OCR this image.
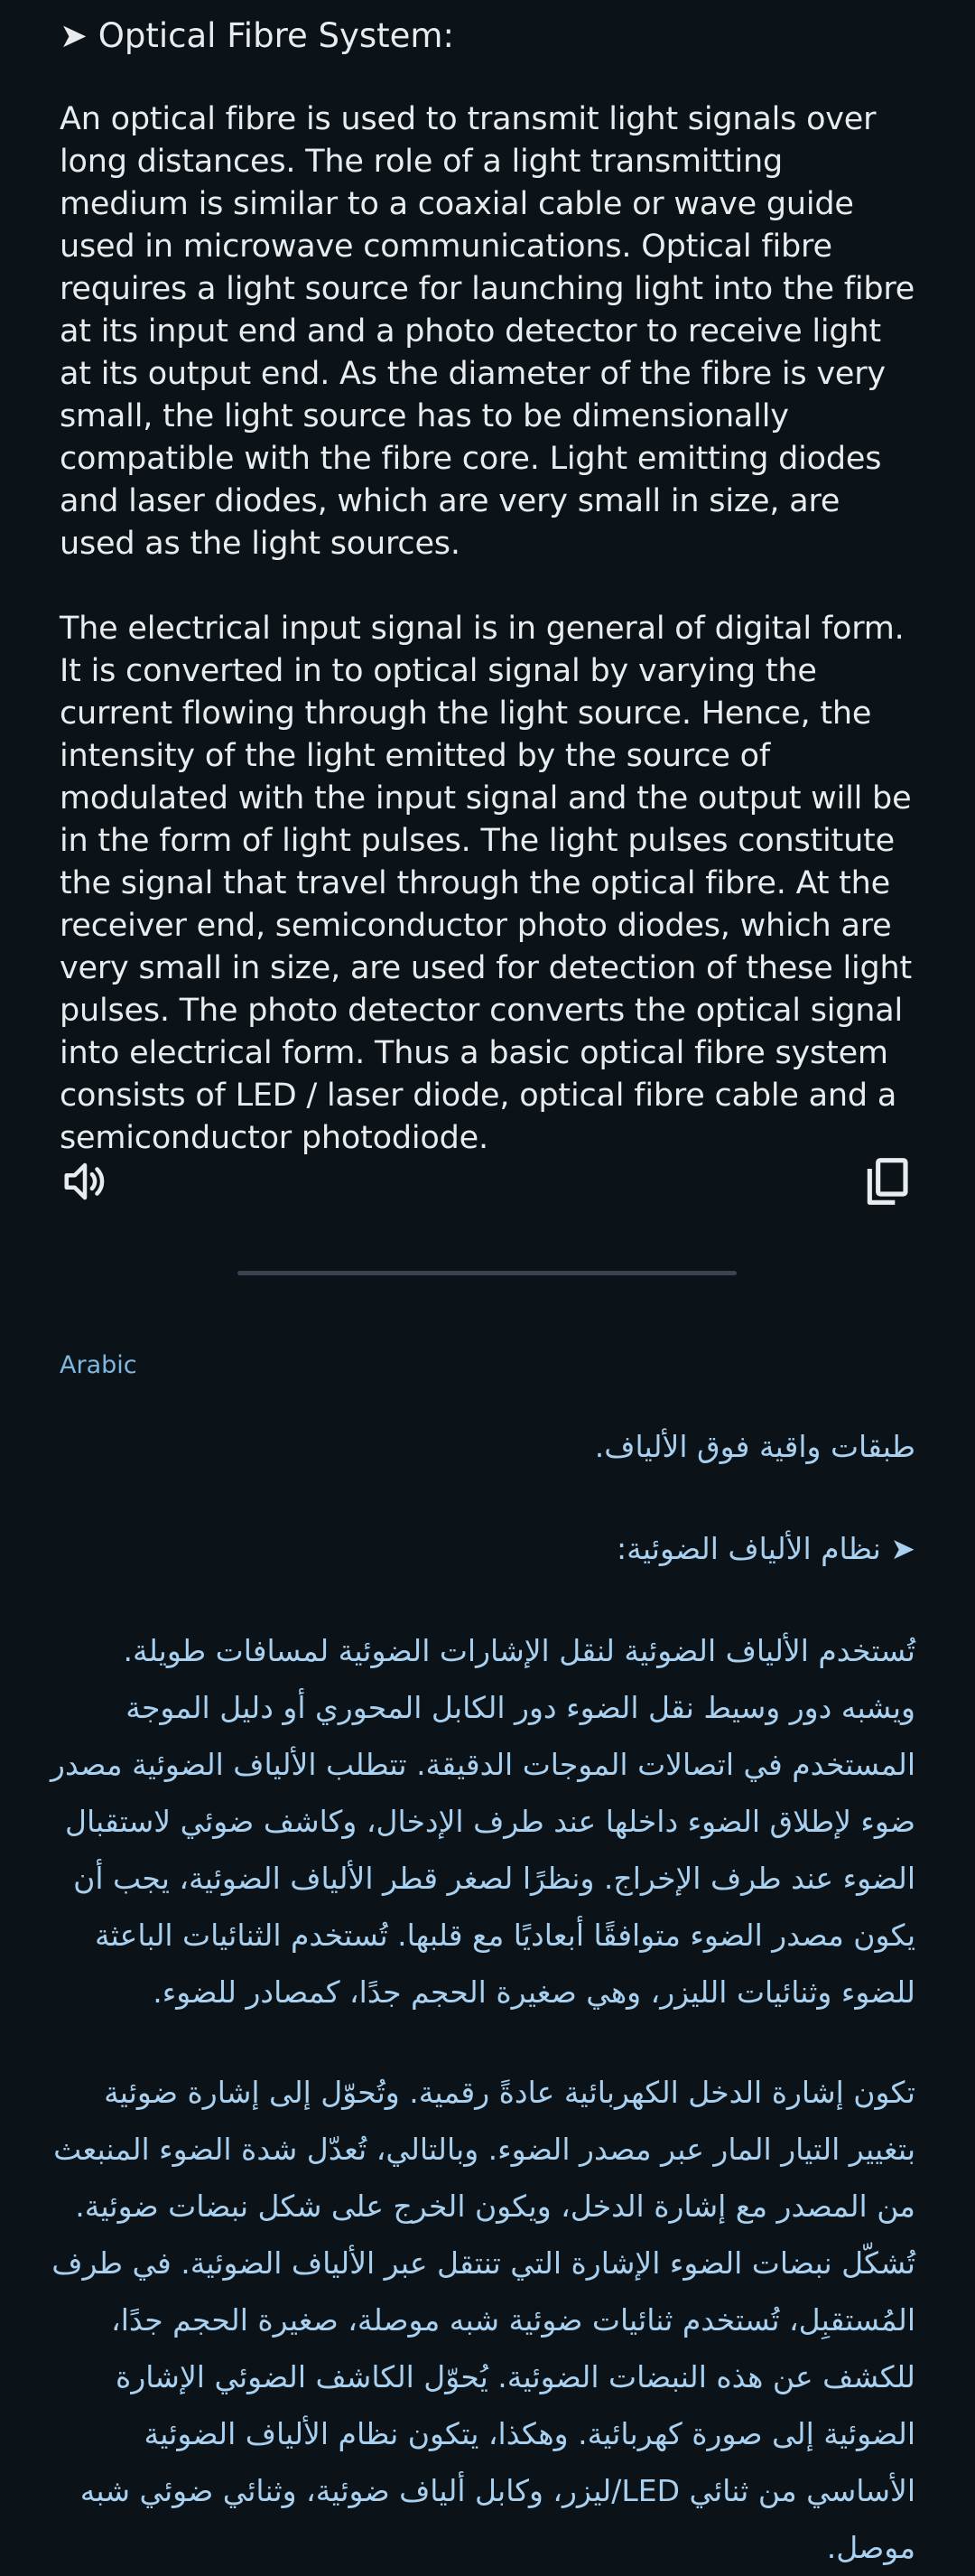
➤ Optical Fibre System:

An optical fibre is used to transmit light signals over long distances. The role of a light transmitting medium is similar to a coaxial cable or wave guide used in microwave communications. Optical fibre requires a light source for launching light into the fibre at its input end and a photo detector to receive light at its output end. As the diameter of the fibre is very small, the light source has to be dimensionally compatible with the fibre core. Light emitting diodes and laser diodes, which are very small in size, are used as the light sources.

The electrical input signal is in general of digital form. It is converted in to optical signal by varying the current flowing through the light source. Hence, the intensity of the light emitted by the source of modulated with the input signal and the output will be in the form of light pulses. The light pulses constitute the signal that travel through the optical fibre. At the receiver end, semiconductor photo diodes, which are very small in size, are used for detection of these light pulses. The photo detector converts the optical signal into electrical form. Thus a basic optical fibre system consists of LED / laser diode, optical fibre cable and a semiconductor photodiode.

Arabic

طبقات واقية فوق الألياف.

➤ نظام الألياف الضوئية:

تُستخدم الألياف الضوئية لنقل الإشارات الضوئية لمسافات طويلة. ويشبه دور وسيط نقل الضوء دور الكابل المحوري أو دليل الموجة المستخدم في اتصالات الموجات الدقيقة. تتطلب الألياف الضوئية مصدر ضوء لإطلاق الضوء داخلها عند طرف الإدخال، وكاشف ضوئي لاستقبال الضوء عند طرف الإخراج. ونظرًا لصغر قطر الألياف الضوئية، يجب أن يكون مصدر الضوء متوافقًا أبعاديًا مع قلبها. تُستخدم الثنائيات الباعثة للضوء وثنائيات الليزر، وهي صغيرة الحجم جدًا، كمصادر للضوء.

تكون إشارة الدخل الكهربائية عادةً رقمية. وتُحوّل إلى إشارة ضوئية بتغيير التيار المار عبر مصدر الضوء. وبالتالي، تُعدّل شدة الضوء المنبعث من المصدر مع إشارة الدخل، ويكون الخرج على شكل نبضات ضوئية. تُشكّل نبضات الضوء الإشارة التي تنتقل عبر الألياف الضوئية. في طرف المُستقبِل، تُستخدم ثنائيات ضوئية شبه موصلة، صغيرة الحجم جدًا، للكشف عن هذه النبضات الضوئية. يُحوّل الكاشف الضوئي الإشارة الضوئية إلى صورة كهربائية. وهكذا، يتكون نظام الألياف الضوئية الأساسي من ثنائي LED/ليزر، وكابل ألياف ضوئية، وثنائي ضوئي شبه موصل.
